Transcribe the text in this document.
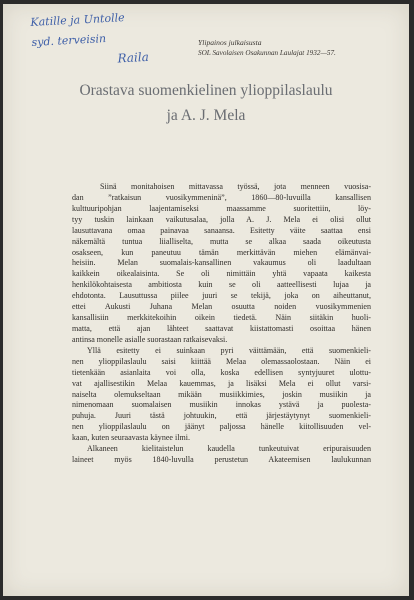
Katille ja Untolle
syd. terveisin
Raila
Ylipainos julkaisusta
SOL Savolaisen Osakunnan Laulajat 1932—57.
Orastava suomenkielinen ylioppilaslaulu
ja A. J. Mela
Siinä monitahoisen mittavassa työssä, jota menneen vuosisa-
dan ”ratkaisun vuosikymmeninä”, 1860—80-luvuilla kansallisen
kulttuuripohjan laajentamiseksi maassamme suoritettiin, löy-
tyy tuskin lainkaan vaikutusalaa, jolla A. J. Mela ei olisi ollut
lausuttavana omaa painavaa sanaansa. Esitetty väite saattaa ensi
näkemältä tuntua liialliselta, mutta se alkaa saada oikeutusta
osakseen, kun paneutuu tämän merkittävän miehen elämänvai-
heisiin. Melan suomalais-kansallinen vakaumus oli laadultaan
kaikkein oikealaisinta. Se oli nimittäin yhtä vapaata kaikesta
henkilökohtaisesta ambitiosta kuin se oli aatteellisesti lujaa ja
ehdotonta. Lausuttussa piilee juuri se tekijä, joka on aiheuttanut,
ettei Aukusti Juhana Melan osuutta noiden vuosikymmenien
kansallisiin merkkitekoihin oikein tiedetä. Näin siitäkin huoli-
matta, että ajan lähteet saattavat kiistattomasti osoittaa hänen
antinsa monelle asialle suorastaan ratkaisevaksi.
Yllä esitetty ei suinkaan pyri väittämään, että suomenkieli-
nen ylioppilaslaulu saisi kiittää Melaa olemassaolostaan. Näin ei
tietenkään asianlaita voi olla, koska edellisen syntyjuuret ulottu-
vat ajallisestikin Melaa kauemmas, ja lisäksi Mela ei ollut varsi-
naiselta olemukseltaan mikään musiikkimies, joskin musiikin ja
nimenomaan suomalaisen musiikin innokas ystävä ja puolesta-
puhuja. Juuri tästä johtuukin, että järjestäytynyt suomenkieli-
nen ylioppilaslaulu on jäänyt paljossa hänelle kiitollisuuden vel-
kaan, kuten seuraavasta käynee ilmi.
Alkaneen kielitaistelun kaudella tunkeutuivat eripuraisuuden
laineet myös 1840-luvulla perustetun Akateemisen laulukunnan
